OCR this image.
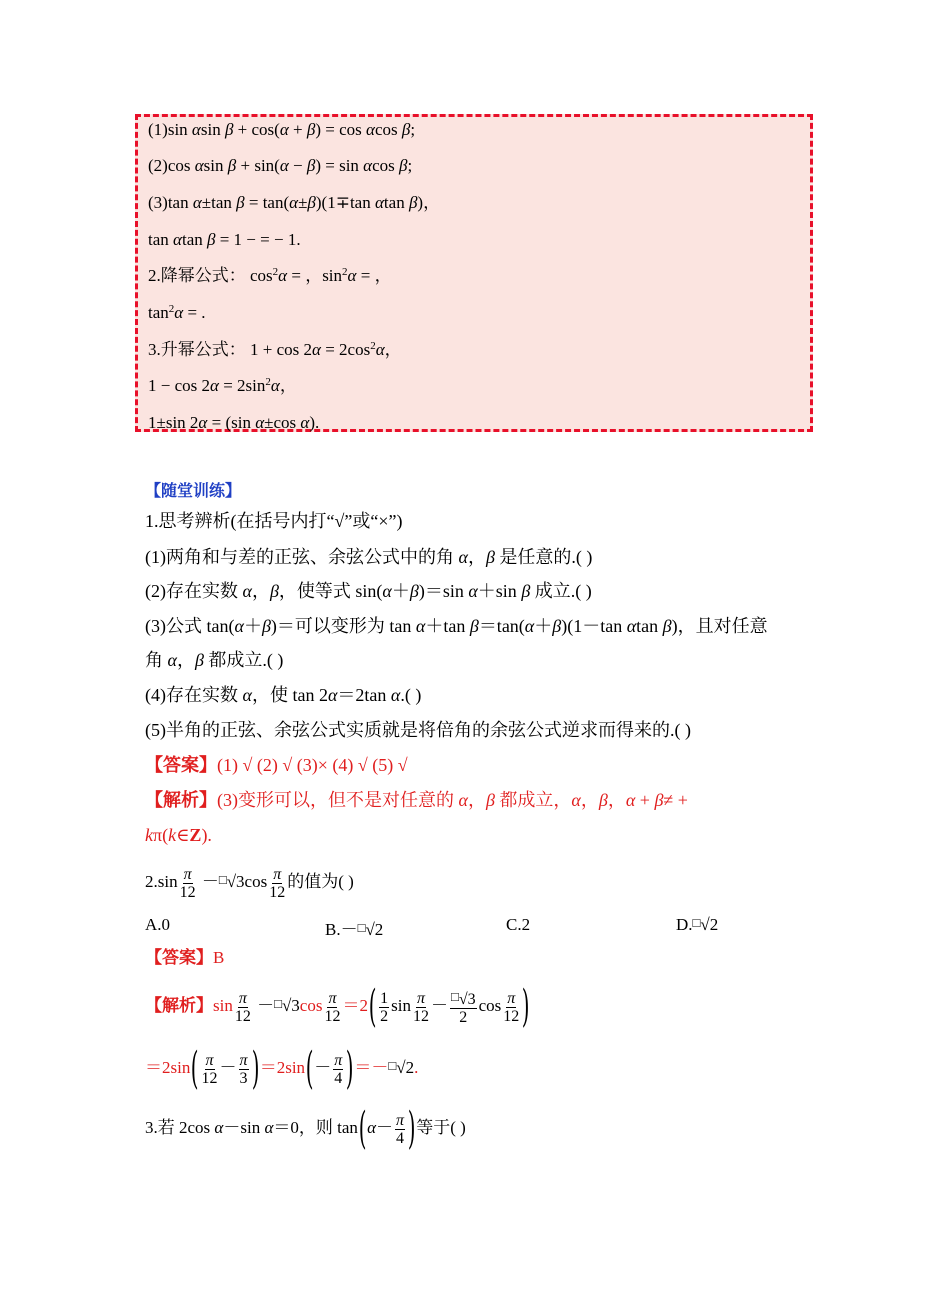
(1)sin αsin β + cos(α + β) = cos αcos β;
(2)cos αsin β + sin(α − β) = sin αcos β;
(3)tan α±tan β = tan(α±β)(1∓tan αtan β)，
tan αtan β = 1 − = − 1.
2.降幂公式： $\cos^2\alpha$ = ，$\sin^2\alpha$ = ，
$\tan^2\alpha$ = .
3.升幂公式： $1 + \cos 2\alpha = 2\cos^2\alpha$，
$1 - \cos 2\alpha = 2\sin^2\alpha$，
1±sin 2α = (sin α±cos α).
【随堂训练】
1.思考辨析(在括号内打“√”或“×”)
(1)两角和与差的正弦、余弦公式中的角 α，β 是任意的.( )
(2)存在实数 α，β，使等式 sin(α＋β)＝sin α＋sin β 成立.( )
(3)公式 tan(α＋β)＝可以变形为 tan α＋tan β＝tan(α＋β)(1－tan αtan β)，且对任意
角 α，β 都成立.( )
(4)存在实数 α，使 tan 2α＝2tan α.( )
(5)半角的正弦、余弦公式实质就是将倍角的余弦公式逆求而得来的.( )
【答案】(1) √ (2) √ (3)× (4) √ (5) √
【解析】(3)变形可以，但不是对任意的 α，β 都成立，α，β，α + β≠ +
kπ(k∈Z).
$2.\sin \frac{\pi}{12}$ －□√3cos $\frac{\pi}{12}$ 的值为( )
A.0	B.－□√2	C.2	D.□√2
【答案】B
【解析】$\sin \frac{\pi}{12}$ －□√3cos $\frac{\pi}{12} =2( \frac{1}{2}$ $\sin \frac{\pi}{12} - \frac{□√3}{2}$ $\cos \frac{\pi}{12}$ )
$=2\sin( \frac{\pi}{12} - \frac{\pi}{3} )=2\sin(- \frac{\pi}{4}$ )＝－□√2.
3.若 2cos α－sin α＝0，则 $\tan(\alpha- \frac{\pi}{4}$ )等于( )
